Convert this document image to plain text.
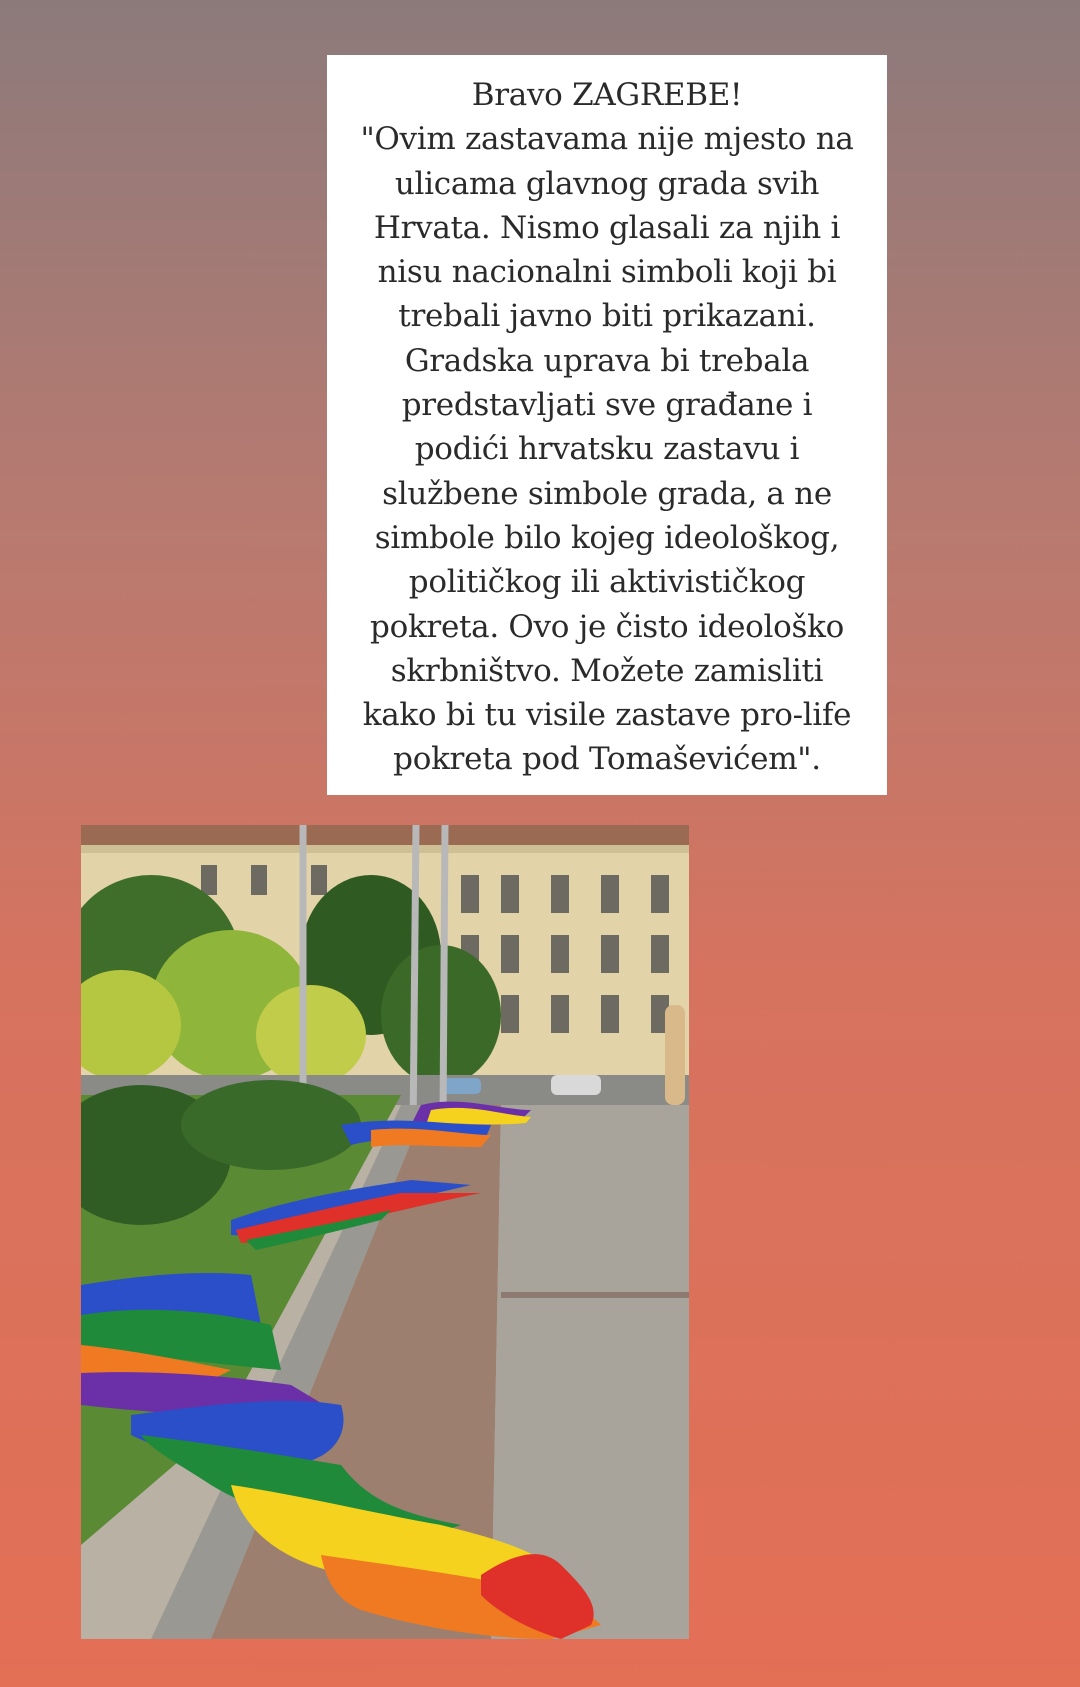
Bravo ZAGREBE!
"Ovim zastavama nije mjesto na
ulicama glavnog grada svih
Hrvata. Nismo glasali za njih i
nisu nacionalni simboli koji bi
trebali javno biti prikazani.
Gradska uprava bi trebala
predstavljati sve građane i
podići hrvatsku zastavu i
službene simbole grada, a ne
simbole bilo kojeg ideološkog,
političkog ili aktivističkog
pokreta. Ovo je čisto ideološko
skrbništvo. Možete zamisliti
kako bi tu visile zastave pro-life
pokreta pod Tomaševićem".
